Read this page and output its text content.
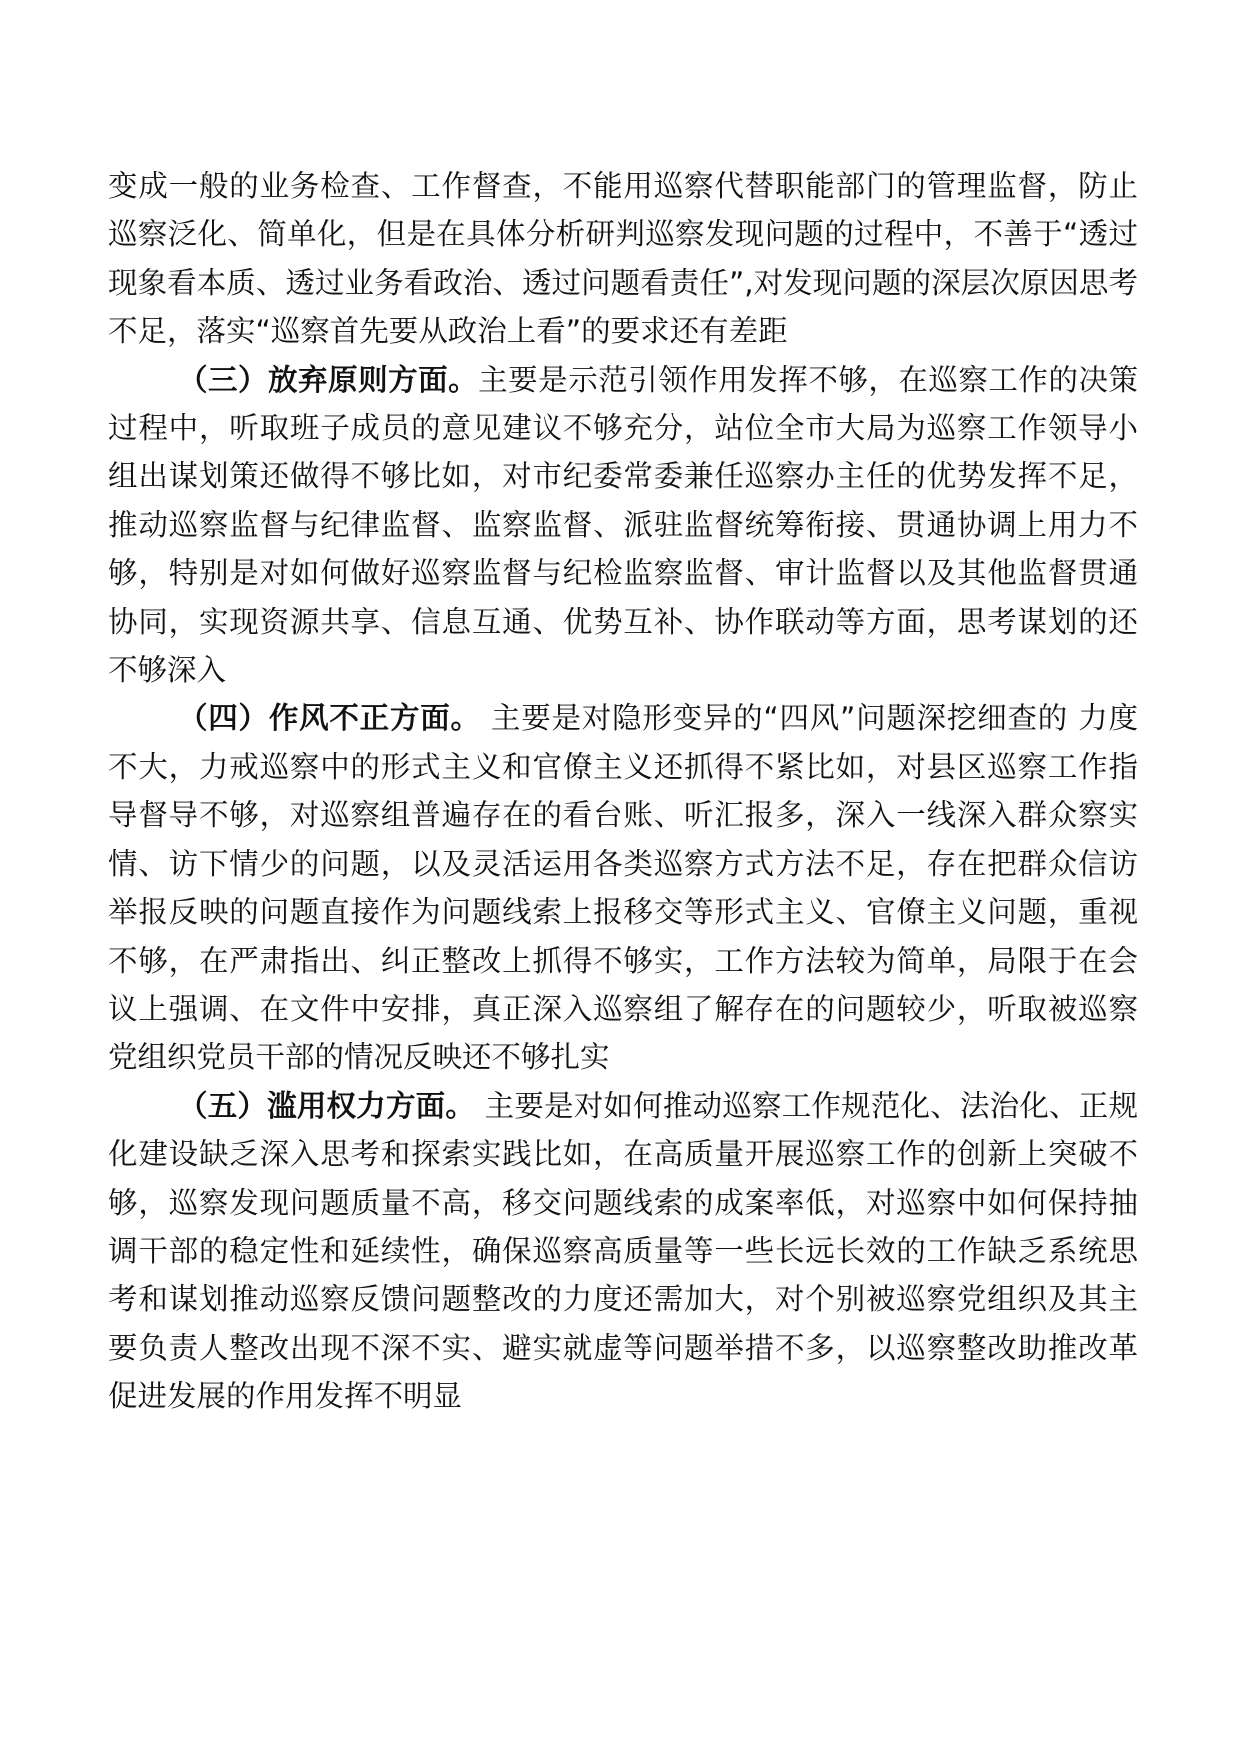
变成一般的业务检查、工作督查，不能用巡察代替职能部门的管理监督，防止巡察泛化、简单化，但是在具体分析研判巡察发现问题的过程中，不善于“透过现象看本质、透过业务看政治、透过问题看责任”,对发现问题的深层次原因思考不足，落实“巡察首先要从政治上看”的要求还有差距

（三）放弃原则方面。主要是示范引领作用发挥不够，在巡察工作的决策过程中，听取班子成员的意见建议不够充分，站位全市大局为巡察工作领导小组出谋划策还做得不够比如，对市纪委常委兼任巡察办主任的优势发挥不足，推动巡察监督与纪律监督、监察监督、派驻监督统筹衔接、贯通协调上用力不够，特别是对如何做好巡察监督与纪检监察监督、审计监督以及其他监督贯通协同，实现资源共享、信息互通、优势互补、协作联动等方面，思考谋划的还不够深入

（四）作风不正方面。 主要是对隐形变异的“四风”问题深挖细查的 力度不大，力戒巡察中的形式主义和官僚主义还抓得不紧比如，对县区巡察工作指导督导不够，对巡察组普遍存在的看台账、听汇报多，深入一线深入群众察实情、访下情少的问题，以及灵活运用各类巡察方式方法不足，存在把群众信访举报反映的问题直接作为问题线索上报移交等形式主义、官僚主义问题，重视不够，在严肃指出、纠正整改上抓得不够实，工作方法较为简单，局限于在会议上强调、在文件中安排，真正深入巡察组了解存在的问题较少，听取被巡察党组织党员干部的情况反映还不够扎实

（五）滥用权力方面。 主要是对如何推动巡察工作规范化、法治化、正规化建设缺乏深入思考和探索实践比如，在高质量开展巡察工作的创新上突破不够，巡察发现问题质量不高，移交问题线索的成案率低，对巡察中如何保持抽调干部的稳定性和延续性，确保巡察高质量等一些长远长效的工作缺乏系统思考和谋划推动巡察反馈问题整改的力度还需加大，对个别被巡察党组织及其主要负责人整改出现不深不实、避实就虚等问题举措不多，以巡察整改助推改革促进发展的作用发挥不明显
